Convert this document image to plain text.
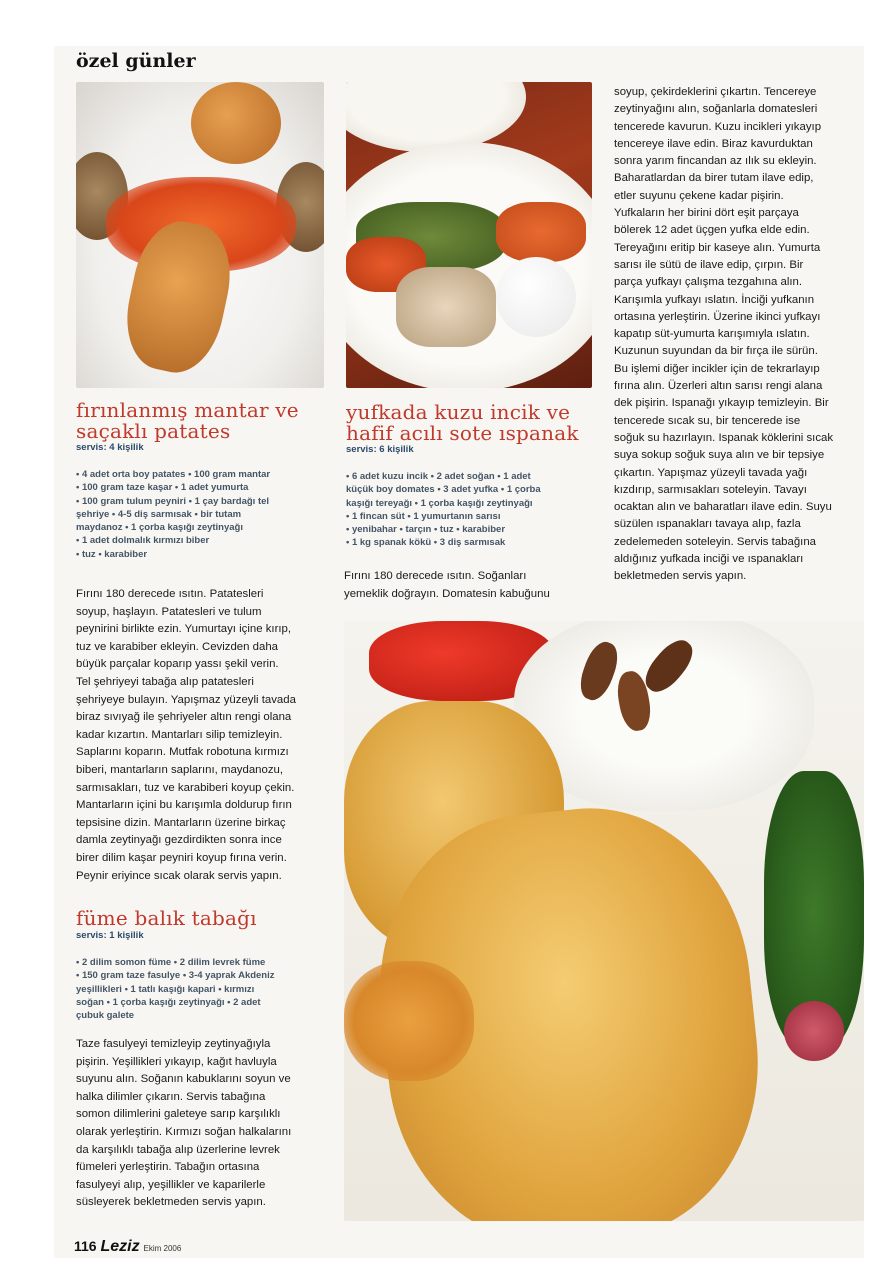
özel günler
fırınlanmış mantar ve
saçaklı patates
servis: 4 kişilik
• 4 adet orta boy patates • 100 gram mantar
• 100 gram taze kaşar • 1 adet yumurta
• 100 gram tulum peyniri • 1 çay bardağı tel
şehriye • 4-5 diş sarmısak • bir tutam
maydanoz • 1 çorba kaşığı zeytinyağı
• 1 adet dolmalık kırmızı biber
• tuz • karabiber
Fırını 180 derecede ısıtın. Patatesleri
soyup, haşlayın. Patatesleri ve tulum
peynirini birlikte ezin. Yumurtayı içine kırıp,
tuz ve karabiber ekleyin. Cevizden daha
büyük parçalar koparıp yassı şekil verin.
Tel şehriyeyi tabağa alıp patatesleri
şehriyeye bulayın. Yapışmaz yüzeyli tavada
biraz sıvıyağ ile şehriyeler altın rengi olana
kadar kızartın. Mantarları silip temizleyin.
Saplarını koparın. Mutfak robotuna kırmızı
biberi, mantarların saplarını, maydanozu,
sarmısakları, tuz ve karabiberi koyup çekin.
Mantarların içini bu karışımla doldurup fırın
tepsisine dizin. Mantarların üzerine birkaç
damla zeytinyağı gezdirdikten sonra ince
birer dilim kaşar peyniri koyup fırına verin.
Peynir eriyince sıcak olarak servis yapın.
yufkada kuzu incik ve
hafif acılı sote ıspanak
servis: 6 kişilik
• 6 adet kuzu incik • 2 adet soğan • 1 adet
küçük boy domates • 3 adet yufka • 1 çorba
kaşığı tereyağı • 1 çorba kaşığı zeytinyağı
• 1 fincan süt • 1 yumurtanın sarısı
• yenibahar • tarçın • tuz • karabiber
• 1 kg spanak kökü • 3 diş sarmısak
Fırını 180 derecede ısıtın. Soğanları
yemeklik doğrayın. Domatesin kabuğunu
soyup, çekirdeklerini çıkartın. Tencereye
zeytinyağını alın, soğanlarla domatesleri
tencerede kavurun. Kuzu incikleri yıkayıp
tencereye ilave edin. Biraz kavurduktan
sonra yarım fincandan az ılık su ekleyin.
Baharatlardan da birer tutam ilave edip,
etler suyunu çekene kadar pişirin.
Yufkaların her birini dört eşit parçaya
bölerek 12 adet üçgen yufka elde edin.
Tereyağını eritip bir kaseye alın. Yumurta
sarısı ile sütü de ilave edip, çırpın. Bir
parça yufkayı çalışma tezgahına alın.
Karışımla yufkayı ıslatın. İnciği yufkanın
ortasına yerleştirin. Üzerine ikinci yufkayı
kapatıp süt-yumurta karışımıyla ıslatın.
Kuzunun suyundan da bir fırça ile sürün.
Bu işlemi diğer incikler için de tekrarlayıp
fırına alın. Üzerleri altın sarısı rengi alana
dek pişirin. Ispanağı yıkayıp temizleyin. Bir
tencerede sıcak su, bir tencerede ise
soğuk su hazırlayın. Ispanak köklerini sıcak
suya sokup soğuk suya alın ve bir tepsiye
çıkartın. Yapışmaz yüzeyli tavada yağı
kızdırıp, sarmısakları soteleyin. Tavayı
ocaktan alın ve baharatları ilave edin. Suyu
süzülen ıspanakları tavaya alıp, fazla
zedelemeden soteleyin. Servis tabağına
aldığınız yufkada inciği ve ıspanakları
bekletmeden servis yapın.
füme balık tabağı
servis: 1 kişilik
• 2 dilim somon füme • 2 dilim levrek füme
• 150 gram taze fasulye • 3-4 yaprak Akdeniz
yeşillikleri • 1 tatlı kaşığı kapari • kırmızı
soğan • 1 çorba kaşığı zeytinyağı • 2 adet
çubuk galete
Taze fasulyeyi temizleyip zeytinyağıyla
pişirin. Yeşillikleri yıkayıp, kağıt havluyla
suyunu alın. Soğanın kabuklarını soyun ve
halka dilimler çıkarın. Servis tabağına
somon dilimlerini galeteye sarıp karşılıklı
olarak yerleştirin. Kırmızı soğan halkalarını
da karşılıklı tabağa alıp üzerlerine levrek
fümeleri yerleştirin. Tabağın ortasına
fasulyeyi alıp, yeşillikler ve kaparilerle
süsleyerek bekletmeden servis yapın.
116 Leziz Ekim 2006
